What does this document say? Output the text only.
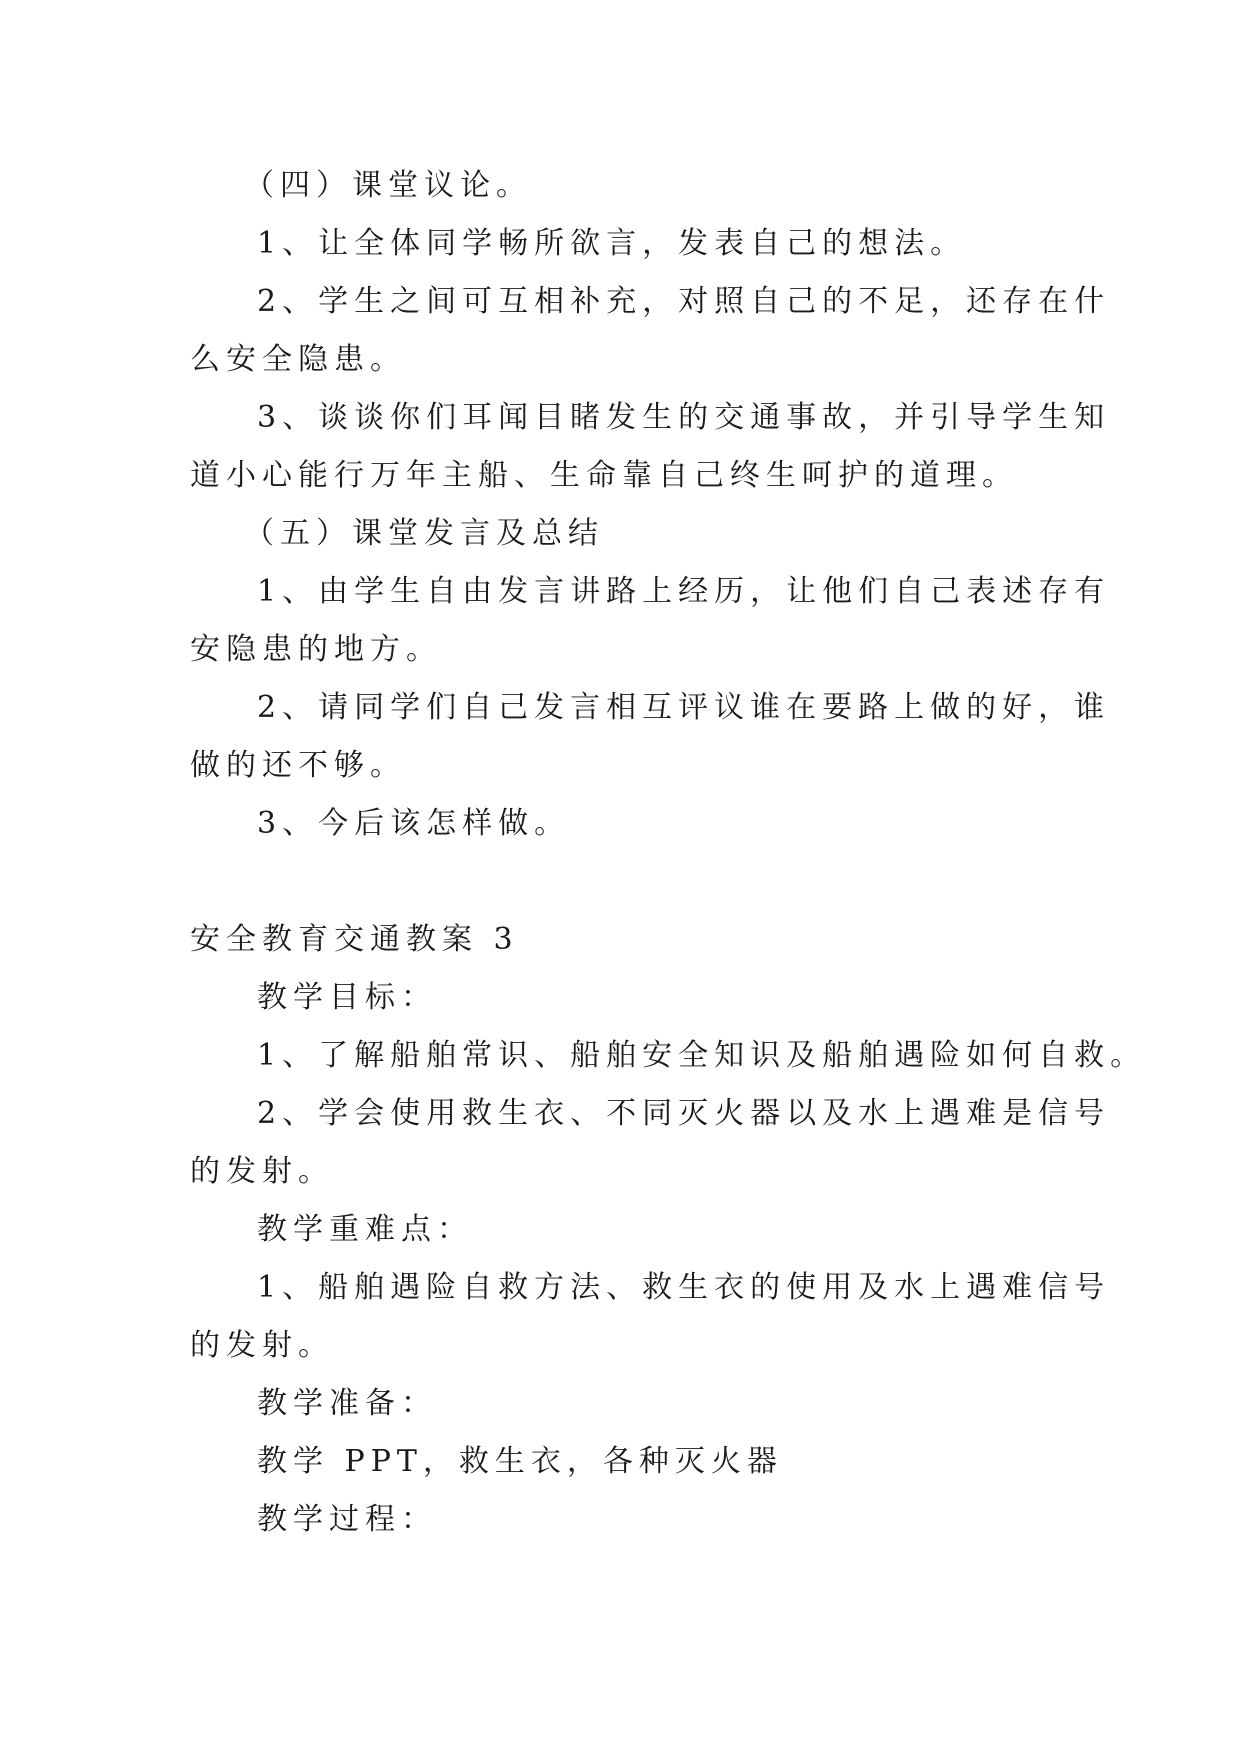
（四）课堂议论。
1、让全体同学畅所欲言，发表自己的想法。
2、学生之间可互相补充，对照自己的不足，还存在什
么安全隐患。
3、谈谈你们耳闻目睹发生的交通事故，并引导学生知
道小心能行万年主船、生命靠自己终生呵护的道理。
（五）课堂发言及总结
1、由学生自由发言讲路上经历，让他们自己表述存有
安隐患的地方。
2、请同学们自己发言相互评议谁在要路上做的好，谁
做的还不够。
3、今后该怎样做。
安全教育交通教案 3
教学目标：
1、了解船舶常识、船舶安全知识及船舶遇险如何自救。
2、学会使用救生衣、不同灭火器以及水上遇难是信号
的发射。
教学重难点：
1、船舶遇险自救方法、救生衣的使用及水上遇难信号
的发射。
教学准备：
教学 PPT，救生衣，各种灭火器
教学过程：
